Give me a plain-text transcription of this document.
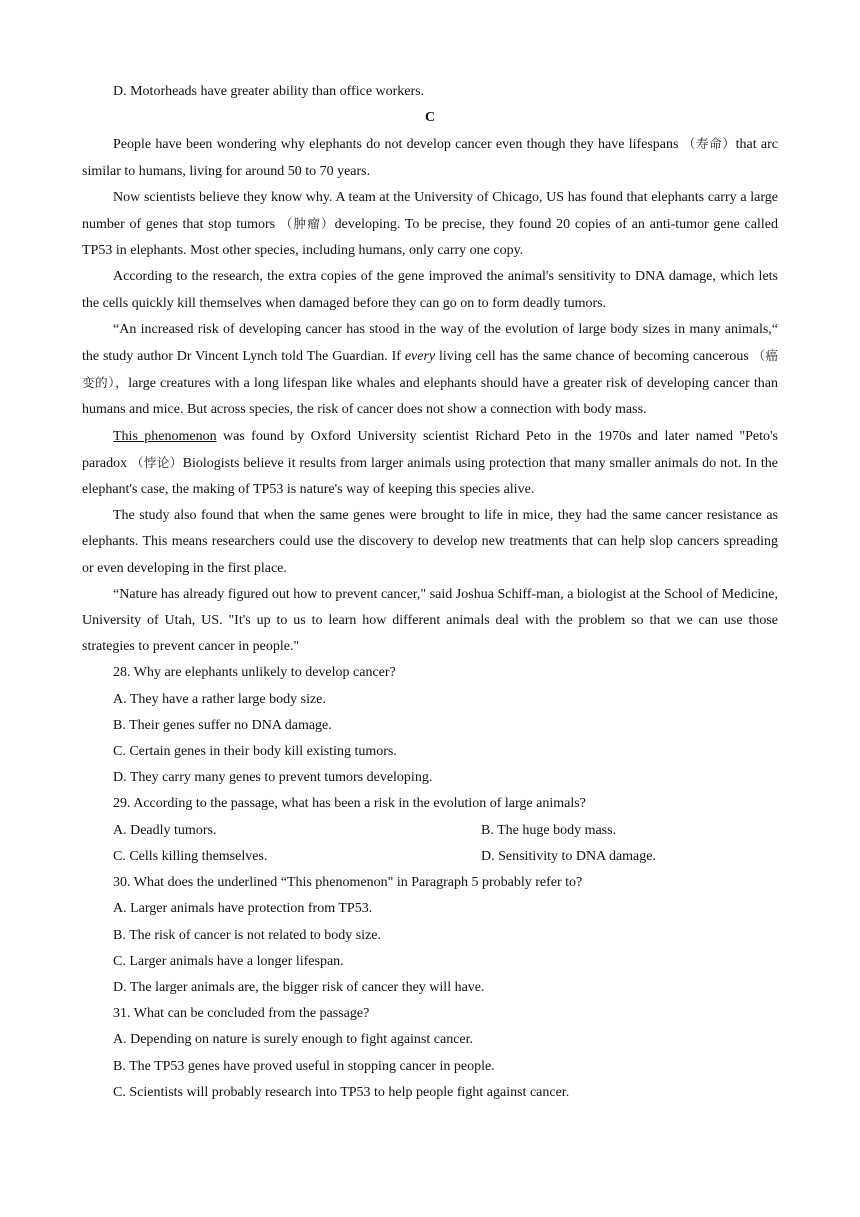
D. Motorheads have greater ability than office workers.

C

People have been wondering why elephants do not develop cancer even though they have lifespans （寿命）that arc similar to humans, living for around 50 to 70 years.

Now scientists believe they know why. A team at the University of Chicago, US has found that elephants carry a large number of genes that stop tumors （肿瘤）developing. To be precise, they found 20 copies of an anti-tumor gene called TP53 in elephants. Most other species, including humans, only carry one copy.

According to the research, the extra copies of the gene improved the animal's sensitivity to DNA damage, which lets the cells quickly kill themselves when damaged before they can go on to form deadly tumors.

“An increased risk of developing cancer has stood in the way of the evolution of large body sizes in many animals,“ the study author Dr Vincent Lynch told The Guardian. If every living cell has the same chance of becoming cancerous （癌变的），large creatures with a long lifespan like whales and elephants should have a greater risk of developing cancer than humans and mice. But across species, the risk of cancer does not show a connection with body mass.

This phenomenon was found by Oxford University scientist Richard Peto in the 1970s and later named "Peto's paradox （悖论）Biologists believe it results from larger animals using protection that many smaller animals do not. In the elephant's case, the making of TP53 is nature's way of keeping this species alive.

The study also found that when the same genes were brought to life in mice, they had the same cancer resistance as elephants. This means researchers could use the discovery to develop new treatments that can help slop cancers spreading or even developing in the first place.

“Nature has already figured out how to prevent cancer," said Joshua Schiff-man, a biologist at the School of Medicine, University of Utah, US. "It's up to us to learn how different animals deal with the problem so that we can use those strategies to prevent cancer in people."

28. Why are elephants unlikely to develop cancer?

A. They have a rather large body size.

B. Their genes suffer no DNA damage.

C. Certain genes in their body kill existing tumors.

D. They carry many genes to prevent tumors developing.

29. According to the passage, what has been a risk in the evolution of large animals?

A. Deadly tumors.	B. The huge body mass.
C. Cells killing themselves.	D. Sensitivity to DNA damage.

30. What does the underlined “This phenomenon" in Paragraph 5 probably refer to?

A. Larger animals have protection from TP53.

B. The risk of cancer is not related to body size.

C. Larger animals have a longer lifespan.

D. The larger animals are, the bigger risk of cancer they will have.

31. What can be concluded from the passage?

A. Depending on nature is surely enough to fight against cancer.

B. The TP53 genes have proved useful in stopping cancer in people.

C. Scientists will probably research into TP53 to help people fight against cancer.
